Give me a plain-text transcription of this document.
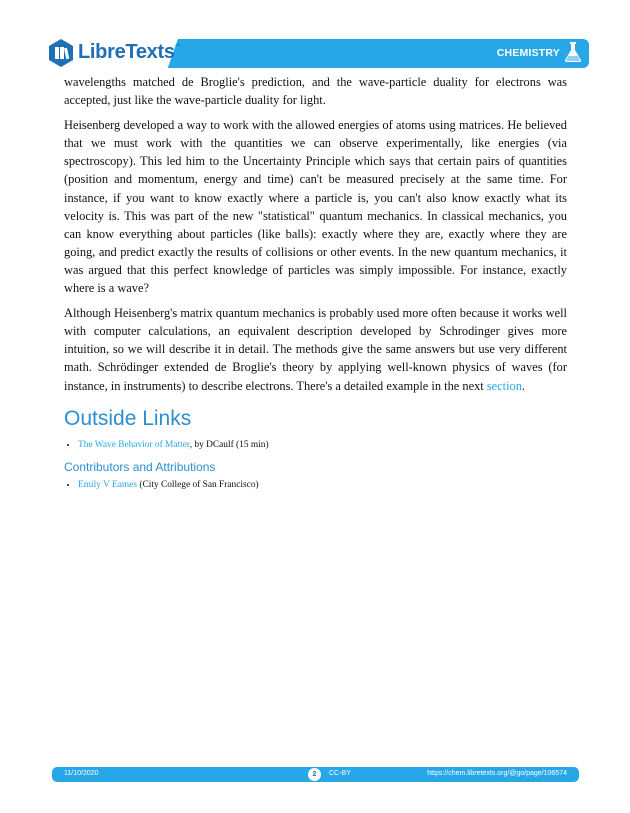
LibreTexts™	CHEMISTRY

wavelengths matched de Broglie's prediction, and the wave-particle duality for electrons was accepted, just like the wave-particle duality for light.

Heisenberg developed a way to work with the allowed energies of atoms using matrices. He believed that we must work with the quantities we can observe experimentally, like energies (via spectroscopy). This led him to the Uncertainty Principle which says that certain pairs of quantities (position and momentum, energy and time) can't be measured precisely at the same time. For instance, if you want to know exactly where a particle is, you can't also know exactly what its velocity is. This was part of the new "statistical" quantum mechanics. In classical mechanics, you can know everything about particles (like balls): exactly where they are, exactly where they are going, and predict exactly the results of collisions or other events. In the new quantum mechanics, it was argued that this perfect knowledge of particles was simply impossible. For instance, exactly where is a wave?

Although Heisenberg's matrix quantum mechanics is probably used more often because it works well with computer calculations, an equivalent description developed by Schrodinger gives more intuition, so we will describe it in detail. The methods give the same answers but use very different math. Schrödinger extended de Broglie's theory by applying well-known physics of waves (for instance, in instruments) to describe electrons. There's a detailed example in the next section.

Outside Links
• The Wave Behavior of Matter, by DCaulf (15 min)
Contributors and Attributions
• Emily V Eames (City College of San Francisco)
11/10/2020	2	CC-BY	https://chem.libretexts.org/@go/page/106574
